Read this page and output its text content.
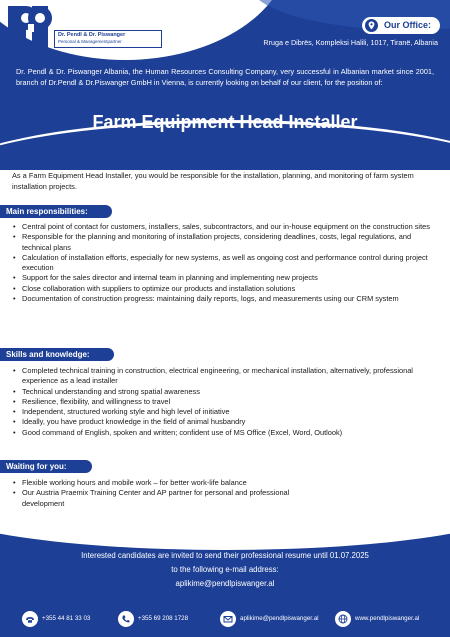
Dr. Pendl & Dr. Piswanger
Personal & Managementpartner
Our Office:
Rruga e Dibrës, Kompleksi Halili, 1017, Tiranë, Albania

Dr. Pendl & Dr. Piswanger Albania, the Human Resources Consulting Company, very successful in Albanian market since 2001, branch of Dr.Pendl & Dr.Piswanger GmbH in Vienna, is currently looking on behalf of our client, for the position of:

Farm Equipment Head Installer

As a Farm Equipment Head Installer, you would be responsible for the installation, planning, and monitoring of farm system installation projects.

Main responsibilities:
• Central point of contact for customers, installers, sales, subcontractors, and our in-house equipment on the construction sites
• Responsible for the planning and monitoring of installation projects, considering deadlines, costs, legal regulations, and technical plans
• Calculation of installation efforts, especially for new systems, as well as ongoing cost and performance control during project execution
• Support for the sales director and internal team in planning and implementing new projects
• Close collaboration with suppliers to optimize our products and installation solutions
• Documentation of construction progress: maintaining daily reports, logs, and measurements using our CRM system
Skills and knowledge:
• Completed technical training in construction, electrical engineering, or mechanical installation, alternatively, professional experience as a lead installer
• Technical understanding and strong spatial awareness
• Resilience, flexibility, and willingness to travel
• Independent, structured working style and high level of initiative
• Ideally, you have product knowledge in the field of animal husbandry
• Good command of English, spoken and written; confident use of MS Office (Excel, Word, Outlook)
Waiting for you:
• Flexible working hours and mobile work – for better work-life balance
• Our Austria Praemix Training Center and AP partner for personal and professional development
Interested candidates are invited to send their professional resume until 01.07.2025
to the following e-mail address:
aplikime@pendlpiswanger.al
+355 44 81 33 03	+355 69 208 1728	aplikime@pendlpiswanger.al	www.pendlpiswanger.al
